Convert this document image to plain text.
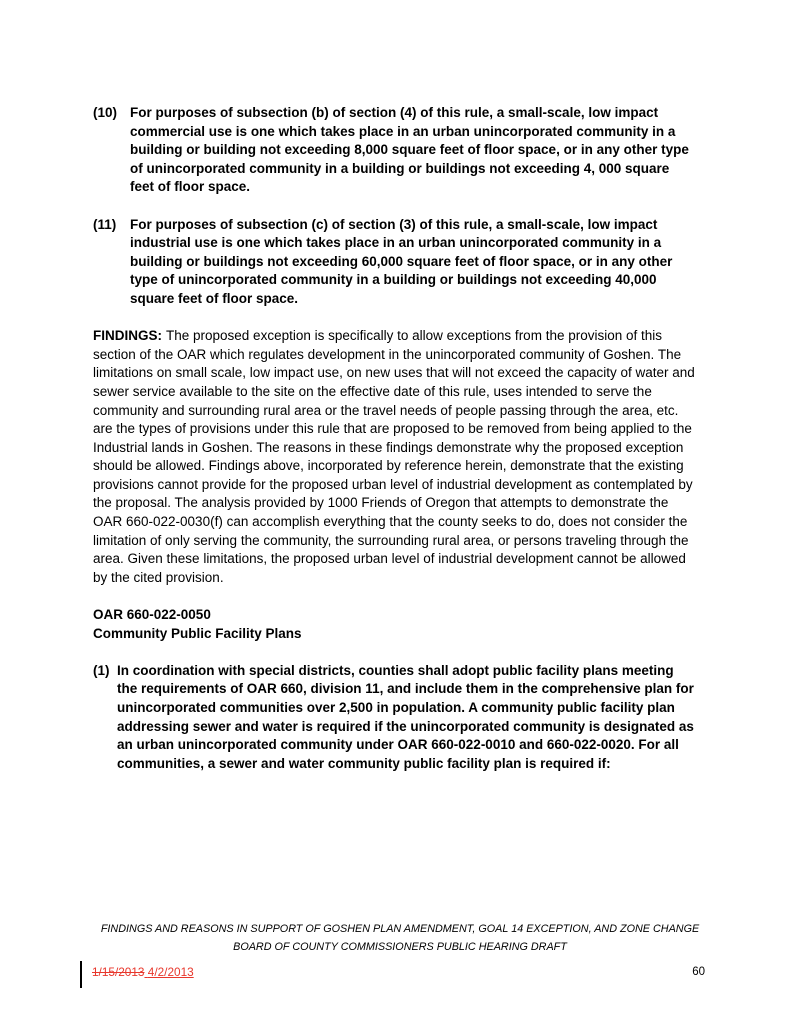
(10) For purposes of subsection (b) of section (4) of this rule, a small-scale, low impact commercial use is one which takes place in an urban unincorporated community in a building or building not exceeding 8,000 square feet of floor space, or in any other type of unincorporated community in a building or buildings not exceeding 4, 000 square feet of floor space.

(11) For purposes of subsection (c) of section (3) of this rule, a small-scale, low impact industrial use is one which takes place in an urban unincorporated community in a building or buildings not exceeding 60,000 square feet of floor space, or in any other type of unincorporated community in a building or buildings not exceeding 40,000 square feet of floor space.

FINDINGS: The proposed exception is specifically to allow exceptions from the provision of this section of the OAR which regulates development in the unincorporated community of Goshen. The limitations on small scale, low impact use, on new uses that will not exceed the capacity of water and sewer service available to the site on the effective date of this rule, uses intended to serve the community and surrounding rural area or the travel needs of people passing through the area, etc. are the types of provisions under this rule that are proposed to be removed from being applied to the Industrial lands in Goshen. The reasons in these findings demonstrate why the proposed exception should be allowed. Findings above, incorporated by reference herein, demonstrate that the existing provisions cannot provide for the proposed urban level of industrial development as contemplated by the proposal. The analysis provided by 1000 Friends of Oregon that attempts to demonstrate the OAR 660-022-0030(f) can accomplish everything that the county seeks to do, does not consider the limitation of only serving the community, the surrounding rural area, or persons traveling through the area. Given these limitations, the proposed urban level of industrial development cannot be allowed by the cited provision.

OAR 660-022-0050
Community Public Facility Plans

(1) In coordination with special districts, counties shall adopt public facility plans meeting the requirements of OAR 660, division 11, and include them in the comprehensive plan for unincorporated communities over 2,500 in population. A community public facility plan addressing sewer and water is required if the unincorporated community is designated as an urban unincorporated community under OAR 660-022-0010 and 660-022-0020. For all communities, a sewer and water community public facility plan is required if:

FINDINGS AND REASONS IN SUPPORT OF GOSHEN PLAN AMENDMENT, GOAL 14 EXCEPTION, AND ZONE CHANGE
BOARD OF COUNTY COMMISSIONERS PUBLIC HEARING DRAFT
1/15/2013 4/2/2013	60
